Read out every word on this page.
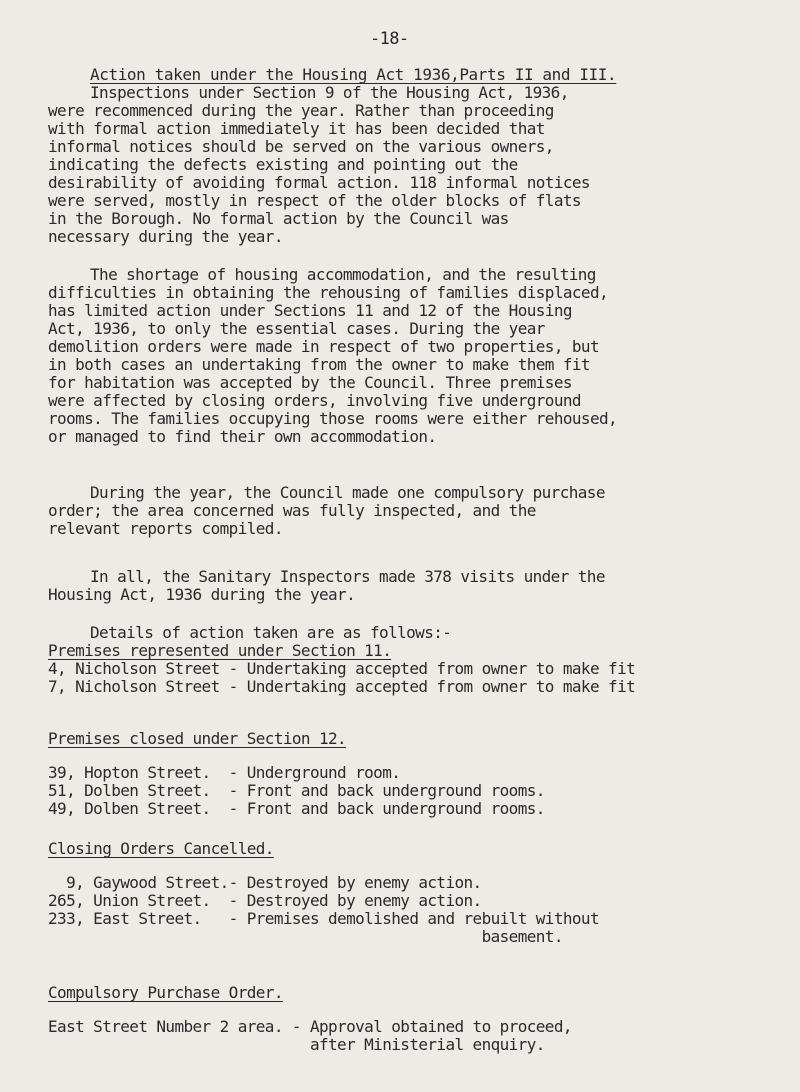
-18-
Action taken under the Housing Act 1936,Parts II and III.
Inspections under Section 9 of the Housing Act, 1936,
were recommenced during the year. Rather than proceeding
with formal action immediately it has been decided that
informal notices should be served on the various owners,
indicating the defects existing and pointing out the
desirability of avoiding formal action. 118 informal notices
were served, mostly in respect of the older blocks of flats
in the Borough. No formal action by the Council was
necessary during the year.
The shortage of housing accommodation, and the resulting
difficulties in obtaining the rehousing of families displaced,
has limited action under Sections 11 and 12 of the Housing
Act, 1936, to only the essential cases. During the year
demolition orders were made in respect of two properties, but
in both cases an undertaking from the owner to make them fit
for habitation was accepted by the Council. Three premises
were affected by closing orders, involving five underground
rooms. The families occupying those rooms were either rehoused,
or managed to find their own accommodation.
During the year, the Council made one compulsory purchase
order; the area concerned was fully inspected, and the
relevant reports compiled.
In all, the Sanitary Inspectors made 378 visits under the
Housing Act, 1936 during the year.
Details of action taken are as follows:-
Premises represented under Section 11.
4, Nicholson Street - Undertaking accepted from owner to make fit
7, Nicholson Street - Undertaking accepted from owner to make fit
Premises closed under Section 12.
39, Hopton Street.  - Underground room.
51, Dolben Street.  - Front and back underground rooms.
49, Dolben Street.  - Front and back underground rooms.
Closing Orders Cancelled.
9, Gaywood Street.- Destroyed by enemy action.
265, Union Street.  - Destroyed by enemy action.
233, East Street.   - Premises demolished and rebuilt without
basement.
Compulsory Purchase Order.
East Street Number 2 area. - Approval obtained to proceed,
after Ministerial enquiry.
